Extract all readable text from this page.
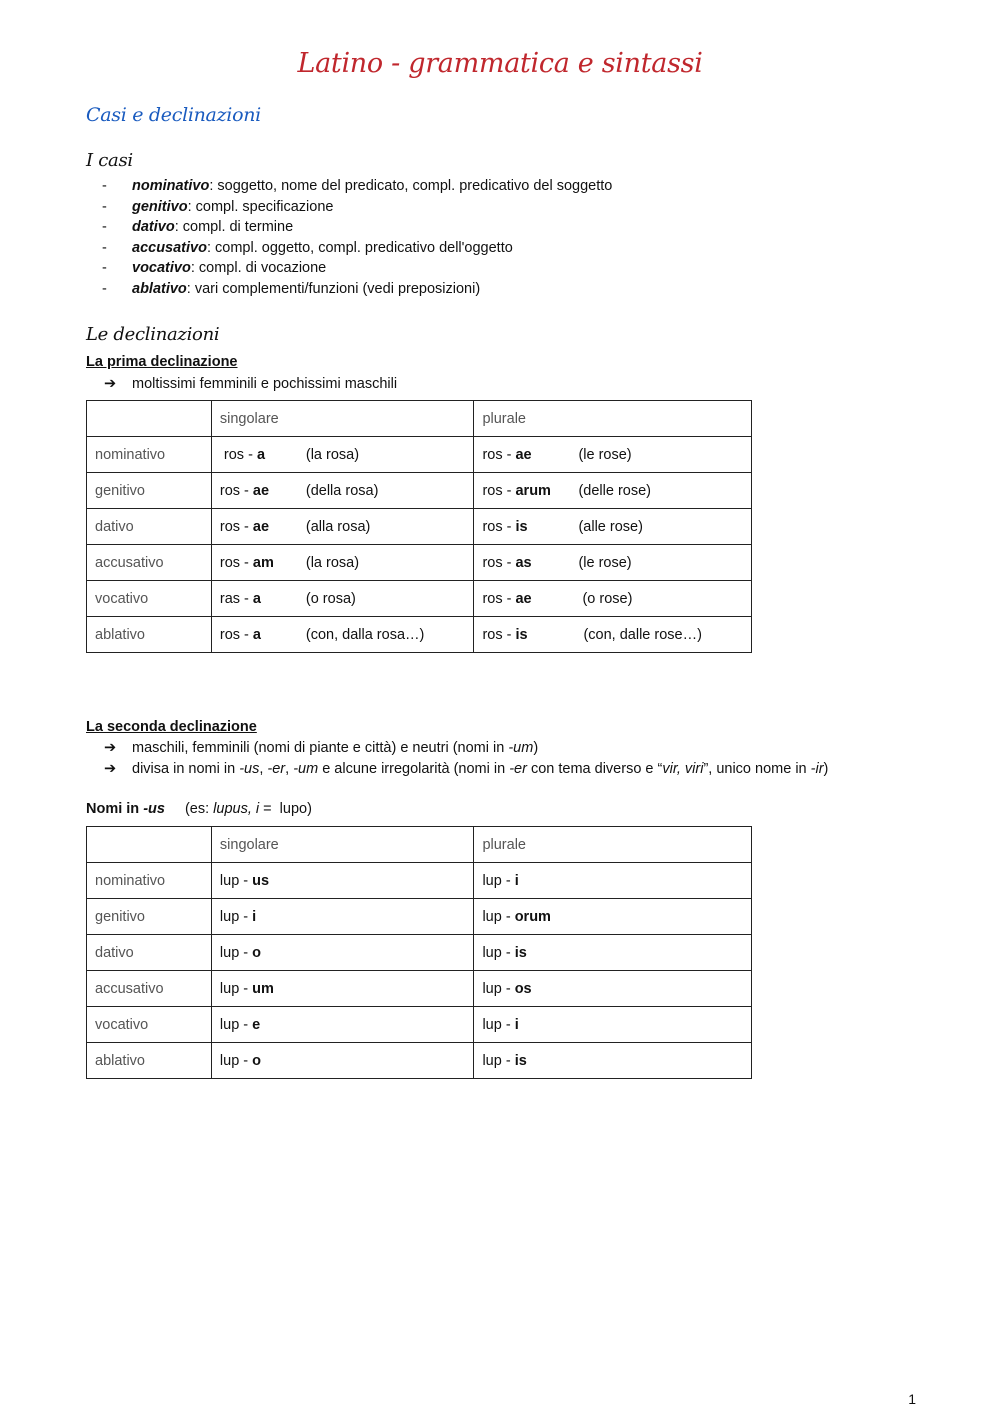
Latino - grammatica e sintassi
Casi e declinazioni
I casi
- nominativo: soggetto, nome del predicato, compl. predicativo del soggetto
- genitivo: compl. specificazione
- dativo: compl. di termine
- accusativo: compl. oggetto, compl. predicativo dell'oggetto
- vocativo: compl. di vocazione
- ablativo: vari complementi/funzioni (vedi preposizioni)
Le declinazioni

La prima declinazione

➔ moltissimi femminili e pochissimi maschili
	singolare	plurale
nominativo	ros - a (la rosa)	ros - ae (le rose)
genitivo	ros - ae (della rosa)	ros - arum (delle rose)
dativo	ros - ae (alla rosa)	ros - is (alle rose)
accusativo	ros - am (la rosa)	ros - as (le rose)
vocativo	ras - a (o rosa)	ros - ae (o rose)
ablativo	ros - a (con, dalla rosa…)	ros - is (con, dalle rose…)

La seconda declinazione

➔ maschili, femminili (nomi di piante e città) e neutri (nomi in -um)
➔ divisa in nomi in -us, -er, -um e alcune irregolarità (nomi in -er con tema diverso e “vir, viri”, unico nome in -ir)
Nomi in -us (es: lupus, i =  lupo)
	singolare	plurale
nominativo	lup - us	lup - i
genitivo	lup - i	lup - orum
dativo	lup - o	lup - is
accusativo	lup - um	lup - os
vocativo	lup - e	lup - i
ablativo	lup - o	lup - is
1
